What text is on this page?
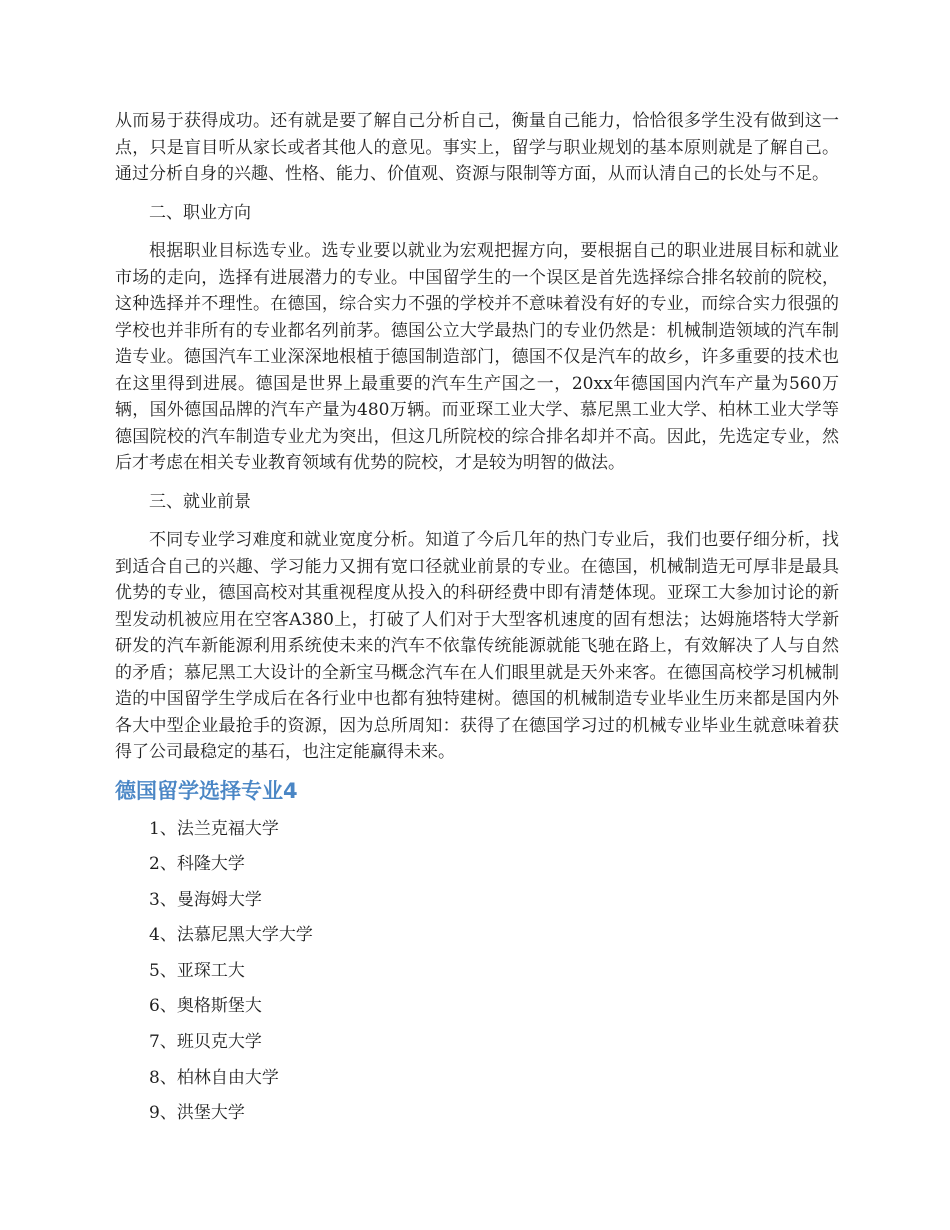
从而易于获得成功。还有就是要了解自己分析自己，衡量自己能力，恰恰很多学生没有做到这一点，只是盲目听从家长或者其他人的意见。事实上，留学与职业规划的基本原则就是了解自己。通过分析自身的兴趣、性格、能力、价值观、资源与限制等方面，从而认清自己的长处与不足。

二、职业方向

根据职业目标选专业。选专业要以就业为宏观把握方向，要根据自己的职业进展目标和就业市场的走向，选择有进展潜力的专业。中国留学生的一个误区是首先选择综合排名较前的院校，这种选择并不理性。在德国，综合实力不强的学校并不意味着没有好的专业，而综合实力很强的学校也并非所有的专业都名列前茅。德国公立大学最热门的专业仍然是：机械制造领域的汽车制造专业。德国汽车工业深深地根植于德国制造部门，德国不仅是汽车的故乡，许多重要的技术也在这里得到进展。德国是世界上最重要的汽车生产国之一，20xx年德国国内汽车产量为560万辆，国外德国品牌的汽车产量为480万辆。而亚琛工业大学、慕尼黑工业大学、柏林工业大学等德国院校的汽车制造专业尤为突出，但这几所院校的综合排名却并不高。因此，先选定专业，然后才考虑在相关专业教育领域有优势的院校，才是较为明智的做法。

三、就业前景

不同专业学习难度和就业宽度分析。知道了今后几年的热门专业后，我们也要仔细分析，找到适合自己的兴趣、学习能力又拥有宽口径就业前景的专业。在德国，机械制造无可厚非是最具优势的专业，德国高校对其重视程度从投入的科研经费中即有清楚体现。亚琛工大参加讨论的新型发动机被应用在空客A380上，打破了人们对于大型客机速度的固有想法；达姆施塔特大学新研发的汽车新能源利用系统使未来的汽车不依靠传统能源就能飞驰在路上，有效解决了人与自然的矛盾；慕尼黑工大设计的全新宝马概念汽车在人们眼里就是天外来客。在德国高校学习机械制造的中国留学生学成后在各行业中也都有独特建树。德国的机械制造专业毕业生历来都是国内外各大中型企业最抢手的资源，因为总所周知：获得了在德国学习过的机械专业毕业生就意味着获得了公司最稳定的基石，也注定能赢得未来。

德国留学选择专业4
1、法兰克福大学
2、科隆大学
3、曼海姆大学
4、法慕尼黑大学大学
5、亚琛工大
6、奥格斯堡大
7、班贝克大学
8、柏林自由大学
9、洪堡大学
